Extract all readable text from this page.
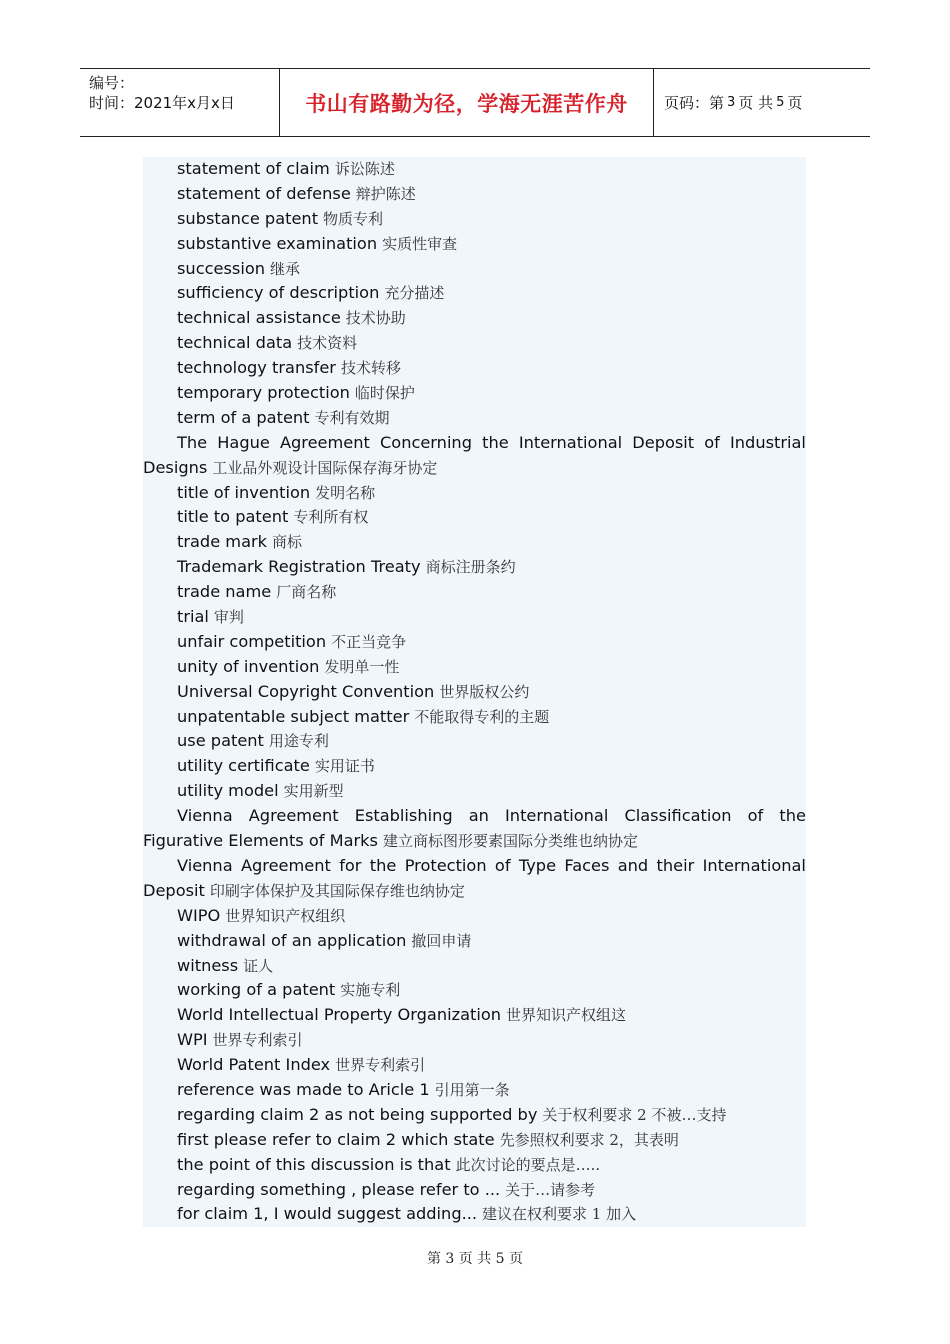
编号：
时间：2021年x月x日	书山有路勤为径，学海无涯苦作舟	页码：第 3 页 共 5 页
statement of claim 诉讼陈述
statement of defense 辩护陈述
substance patent 物质专利
substantive examination 实质性审查
succession 继承
sufficiency of description 充分描述
technical assistance 技术协助
technical data 技术资料
technology transfer 技术转移
temporary protection 临时保护
term of a patent 专利有效期
The Hague Agreement Concerning the International Deposit of Industrial
Designs 工业品外观设计国际保存海牙协定
title of invention 发明名称
title to patent 专利所有权
trade mark 商标
Trademark Registration Treaty 商标注册条约
trade name 厂商名称
trial 审判
unfair competition 不正当竞争
unity of invention 发明单一性
Universal Copyright Convention 世界版权公约
unpatentable subject matter 不能取得专利的主题
use patent 用途专利
utility certificate 实用证书
utility model 实用新型
Vienna Agreement Establishing an International Classification of the
Figurative Elements of Marks 建立商标图形要素国际分类维也纳协定
Vienna Agreement for the Protection of Type Faces and their International
Deposit 印刷字体保护及其国际保存维也纳协定
WIPO 世界知识产权组织
withdrawal of an application 撤回申请
witness 证人
working of a patent 实施专利
World Intellectual Property Organization 世界知识产权组这
WPI 世界专利索引
World Patent Index 世界专利索引
reference was made to Aricle 1 引用第一条
regarding claim 2 as not being supported by 关于权利要求 2 不被…支持
first please refer to claim 2 which state 先参照权利要求 2，其表明
the point of this discussion is that 此次讨论的要点是…..
regarding something , please refer to ... 关于…请参考
for claim 1, I would suggest adding... 建议在权利要求 1 加入
第 3 页 共 5 页
